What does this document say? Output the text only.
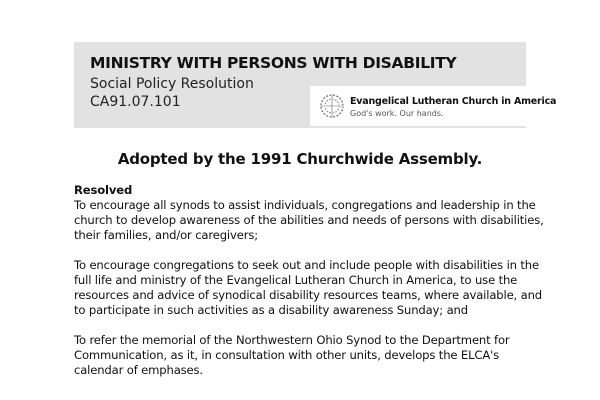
MINISTRY WITH PERSONS WITH DISABILITY
Social Policy Resolution
CA91.07.101	Evangelical Lutheran Church in America
God's work. Our hands.
Adopted by the 1991 Churchwide Assembly.
Resolved

To encourage all synods to assist individuals, congregations and leadership in the church to develop awareness of the abilities and needs of persons with disabilities, their families, and/or caregivers;

To encourage congregations to seek out and include people with disabilities in the full life and ministry of the Evangelical Lutheran Church in America, to use the resources and advice of synodical disability resources teams, where available, and to participate in such activities as a disability awareness Sunday; and

To refer the memorial of the Northwestern Ohio Synod to the Department for Communication, as it, in consultation with other units, develops the ELCA's calendar of emphases.
